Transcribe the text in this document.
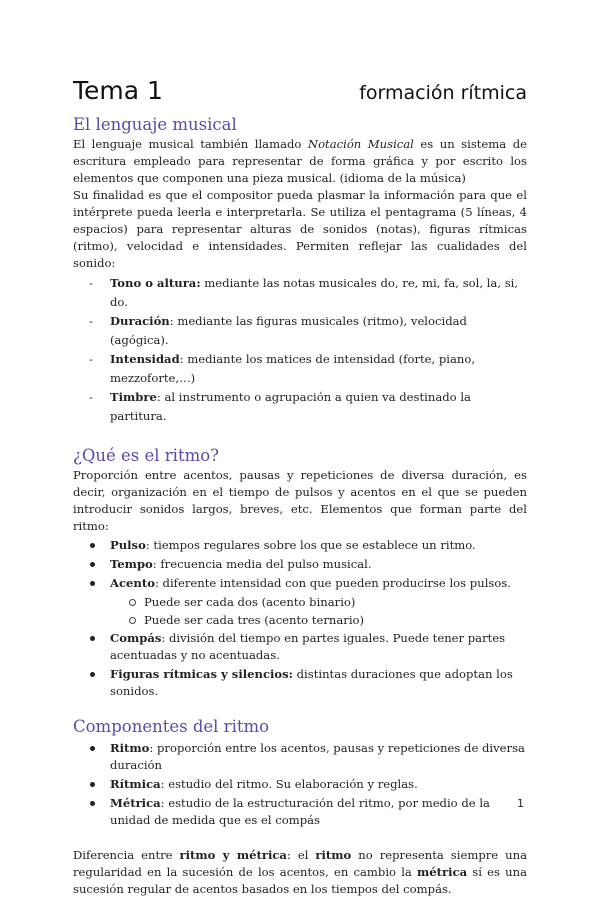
Tema 1	formación rítmica
El lenguaje musical

El lenguaje musical también llamado Notación Musical es un sistema de escritura empleado para representar de forma gráfica y por escrito los elementos que componen una pieza musical. (idioma de la música)

Su finalidad es que el compositor pueda plasmar la información para que el intérprete pueda leerla e interpretarla. Se utiliza el pentagrama (5 líneas, 4 espacios) para representar alturas de sonidos (notas), figuras rítmicas (ritmo), velocidad e intensidades. Permiten reflejar las cualidades del sonido:

- Tono o altura: mediante las notas musicales do, re, mi, fa, sol, la, si, do.
- Duración: mediante las figuras musicales (ritmo), velocidad (agógica).
- Intensidad: mediante los matices de intensidad (forte, piano, mezzoforte,…)
- Timbre: al instrumento o agrupación a quien va destinado la partitura.
¿Qué es el ritmo?

Proporción entre acentos, pausas y repeticiones de diversa duración, es decir, organización en el tiempo de pulsos y acentos en el que se pueden introducir sonidos largos, breves, etc. Elementos que forman parte del ritmo:

Pulso: tiempos regulares sobre los que se establece un ritmo.
Tempo: frecuencia media del pulso musical.
Acento: diferente intensidad con que pueden producirse los pulsos.
Puede ser cada dos (acento binario)
Puede ser cada tres (acento ternario)
Compás: división del tiempo en partes iguales. Puede tener partes acentuadas y no acentuadas.
Figuras rítmicas y silencios: distintas duraciones que adoptan los sonidos.
Componentes del ritmo
Ritmo: proporción entre los acentos, pausas y repeticiones de diversa duración
Rítmica: estudio del ritmo. Su elaboración y reglas.
Métrica: estudio de la estructuración del ritmo, por medio de la unidad de medida que es el compás

Diferencia entre ritmo y métrica: el ritmo no representa siempre una regularidad en la sucesión de los acentos, en cambio la métrica sí es una sucesión regular de acentos basados en los tiempos del compás.

1
